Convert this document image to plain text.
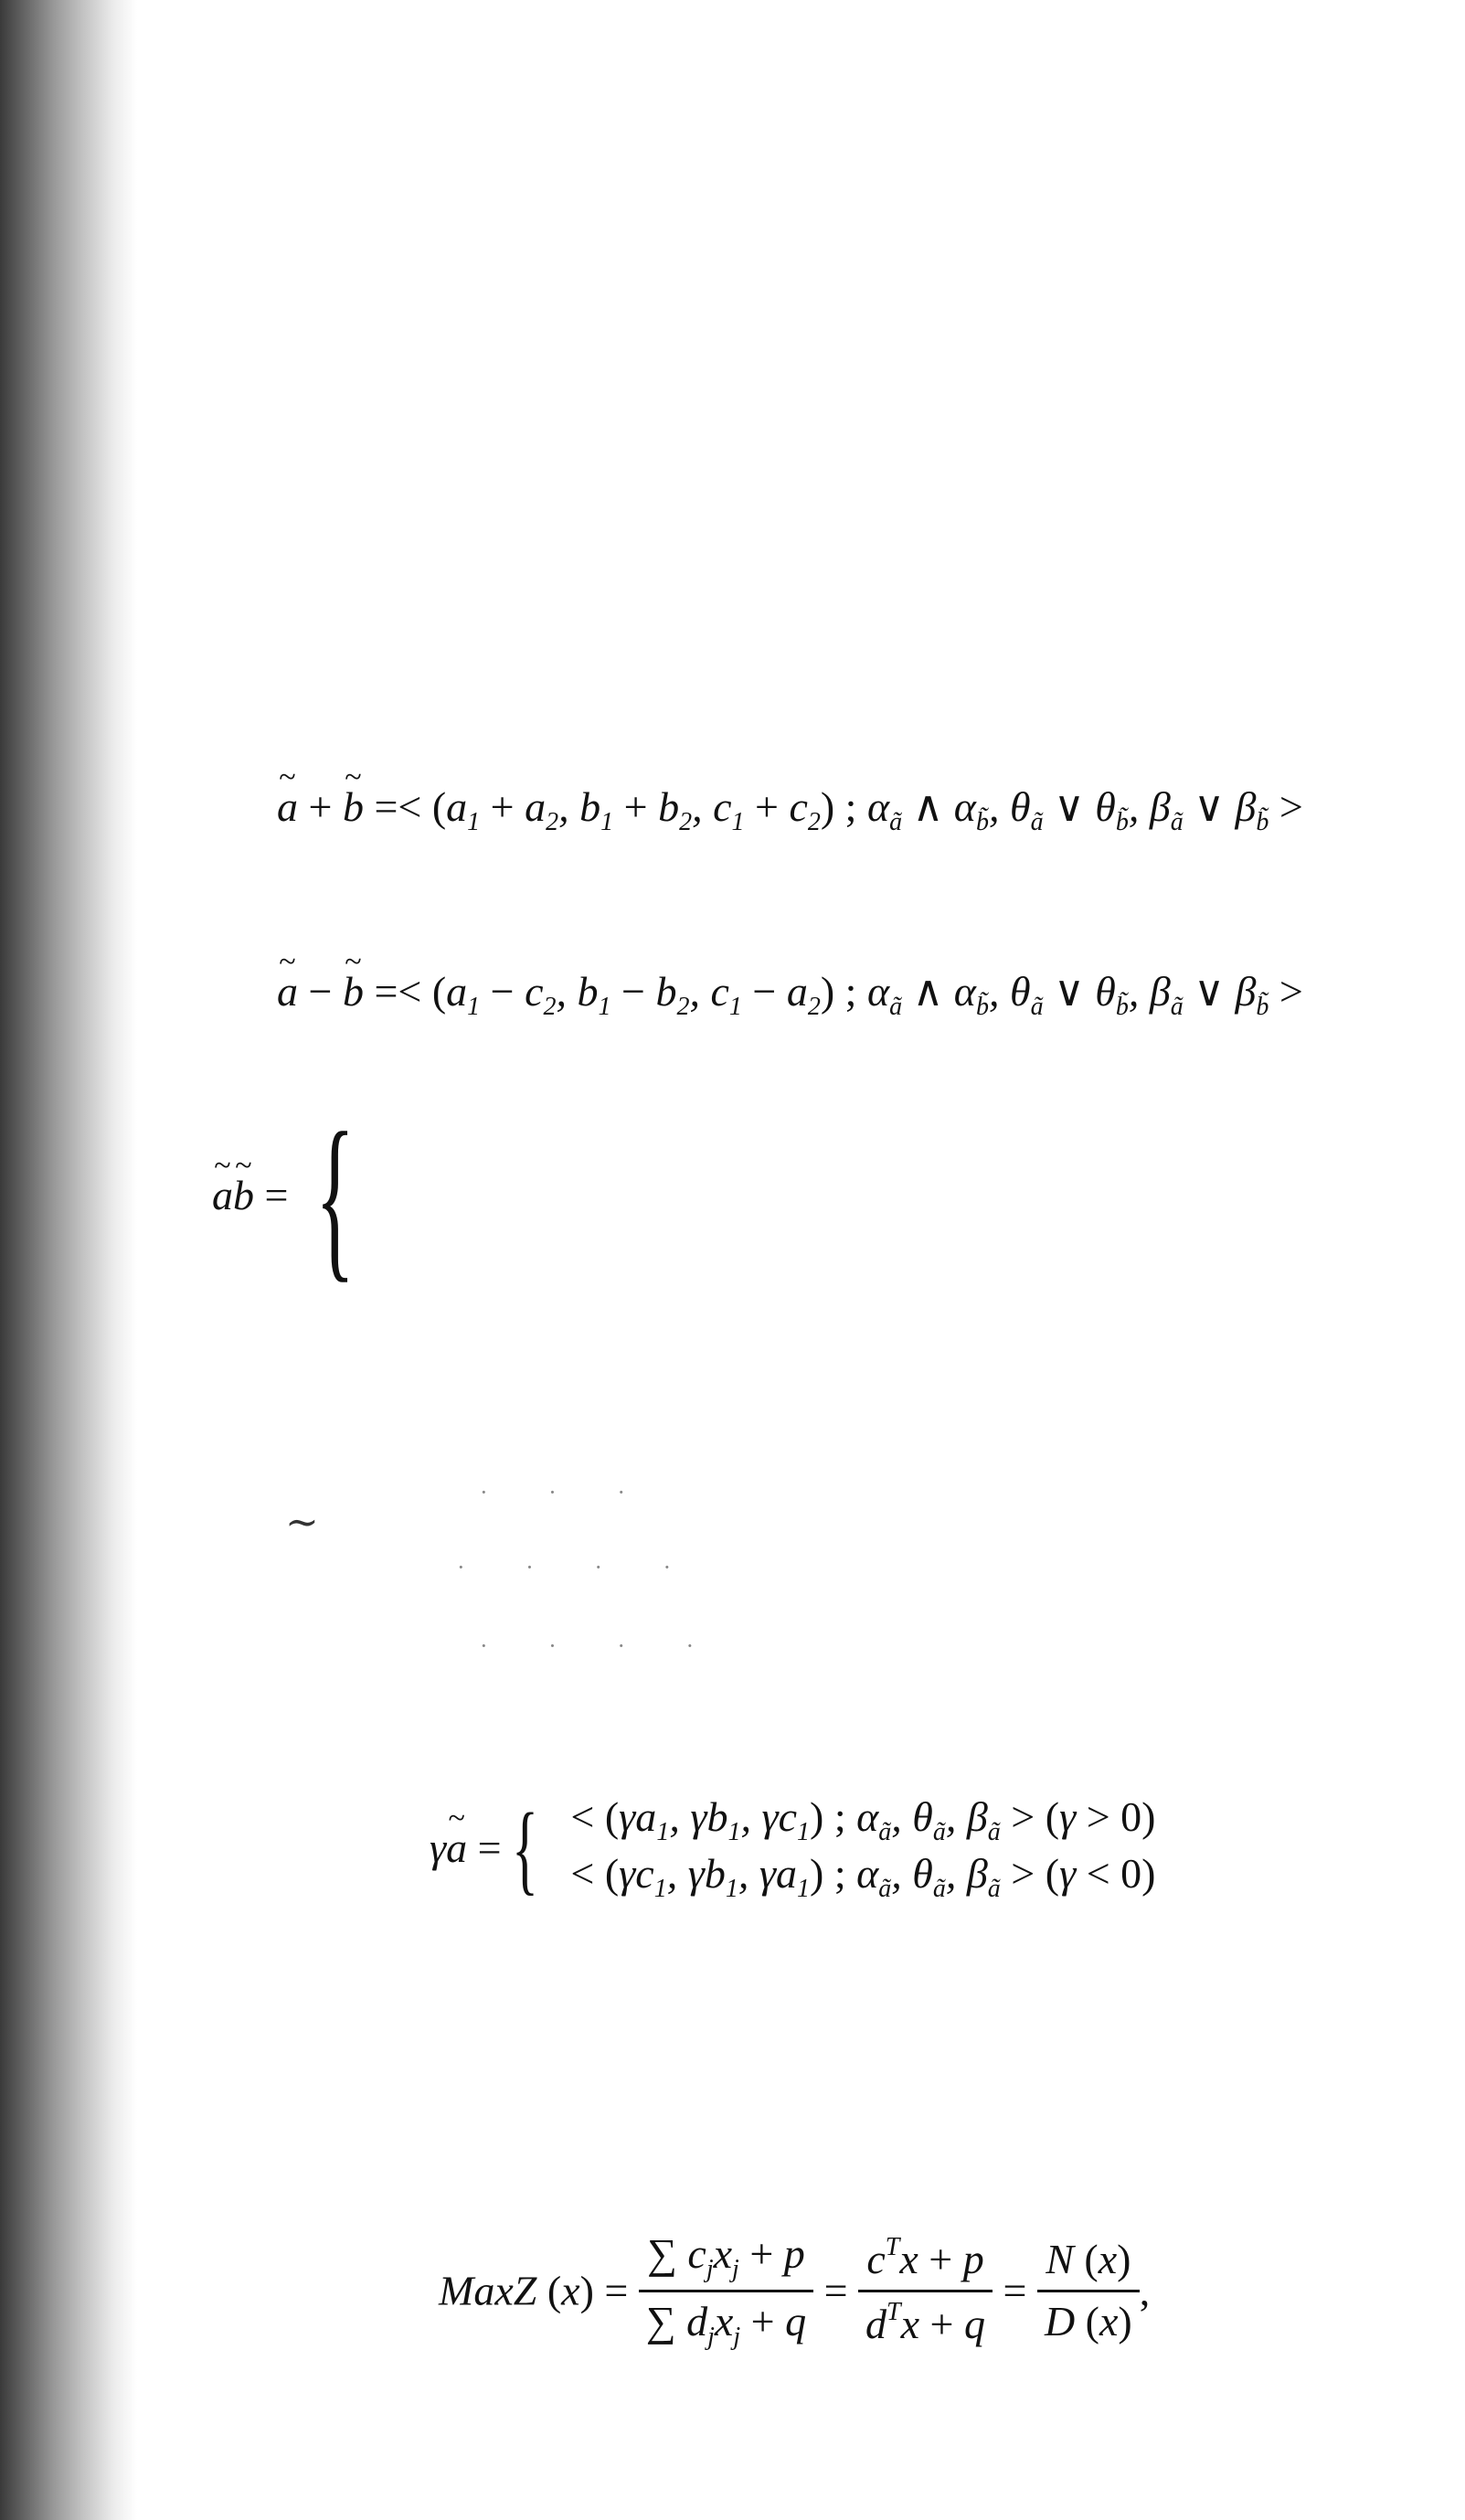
~ a + ~ $b =< (a_1 + a_2$, $b_1 + b_2$, $c_1 + c_2$) ; $\alpha_ã$ ∧ $\alpha_{b̃}$, $\theta_ã$ ∨ $\theta_{b̃}$, $\beta_ã$ ∨ $\beta_{b̃}$ >
~ a − ~ $b =< (a_1 - c_2$, $b_1 - b_2$, $c_1 - a_2$) ; $\alpha_ã$ ∧ $\alpha_{b̃}$, $\theta_ã$ ∨ $\theta_{b̃}$, $\beta_ã$ ∨ $\beta_{b̃}$ >
~ a~ b = {
∼
· · ·
· · · ·
· · · ·
γ~ a = { < ($\gamma a_1$, $\gamma b_1$, $\gamma c_1$) ; $\alpha_ã$, $\theta_ã$, $\beta_ã > (\gamma > 0)$
< ($\gamma c_1$, $\gamma b_1$, $\gamma a_1$) ; $\alpha_ã$, $\theta_ã$, $\beta_ã > (\gamma < 0)$
MaxZ $(x) = \frac{\sum c_jx_j + p}{\sum d_jx_j + q} = \frac{c^Tx + p}{d^Tx + q} = \frac{N (x)}{D (x)}$ ,
